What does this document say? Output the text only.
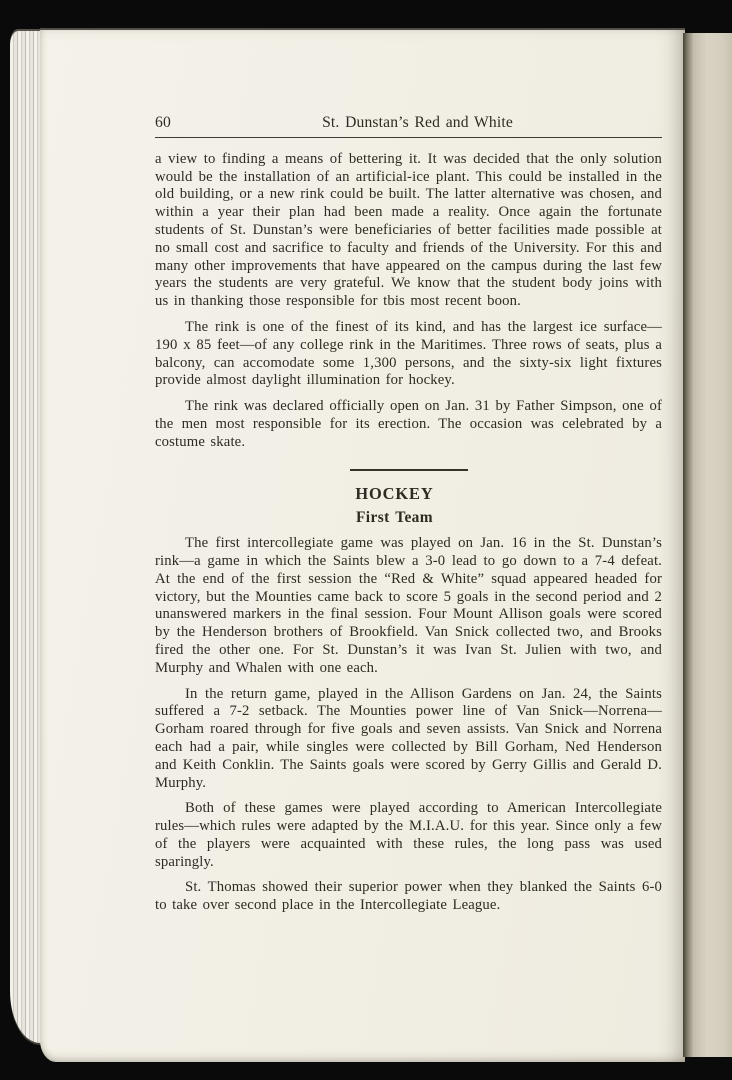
60	St. Dunstan’s Red and White

a view to finding a means of bettering it. It was decided that the only solution would be the installation of an artificial-ice plant. This could be installed in the old building, or a new rink could be built. The latter alternative was chosen, and within a year their plan had been made a reality. Once again the fortunate students of St. Dunstan’s were beneficiaries of better facilities made possible at no small cost and sacrifice to faculty and friends of the University. For this and many other improvements that have appeared on the campus during the last few years the students are very grateful. We know that the student body joins with us in thanking those responsible for tbis most recent boon.

The rink is one of the finest of its kind, and has the largest ice surface—190 x 85 feet—of any college rink in the Maritimes. Three rows of seats, plus a balcony, can accomodate some 1,300 persons, and the sixty-six light fixtures provide almost daylight illumination for hockey.

The rink was declared officially open on Jan. 31 by Father Simpson, one of the men most responsible for its erection. The occasion was celebrated by a costume skate.

HOCKEY
First Team

The first intercollegiate game was played on Jan. 16 in the St. Dunstan’s rink—a game in which the Saints blew a 3-0 lead to go down to a 7-4 defeat. At the end of the first session the “Red & White” squad appeared headed for victory, but the Mounties came back to score 5 goals in the second period and 2 unanswered markers in the final session. Four Mount Allison goals were scored by the Henderson brothers of Brookfield. Van Snick collected two, and Brooks fired the other one. For St. Dunstan’s it was Ivan St. Julien with two, and Murphy and Whalen with one each.

In the return game, played in the Allison Gardens on Jan. 24, the Saints suffered a 7-2 setback. The Mounties power line of Van Snick—Norrena—Gorham roared through for five goals and seven assists. Van Snick and Norrena each had a pair, while singles were collected by Bill Gorham, Ned Henderson and Keith Conklin. The Saints goals were scored by Gerry Gillis and Gerald D. Murphy.

Both of these games were played according to American Intercollegiate rules—which rules were adapted by the M.I.A.U. for this year. Since only a few of the players were acquainted with these rules, the long pass was used sparingly.

St. Thomas showed their superior power when they blanked the Saints 6-0 to take over second place in the Intercollegiate League.
